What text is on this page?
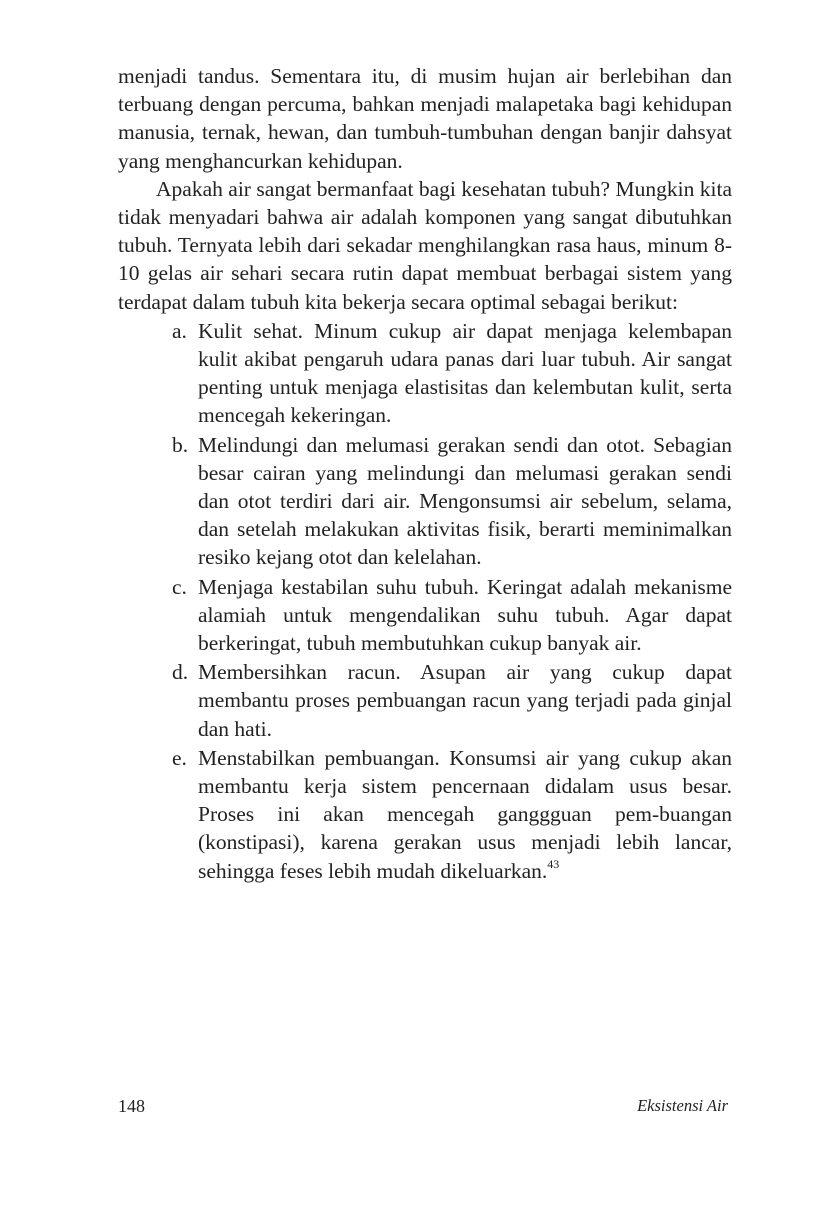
menjadi tandus. Sementara itu, di musim hujan air berlebihan dan terbuang dengan percuma, bahkan menjadi malapetaka bagi kehidupan manusia, ternak, hewan, dan tumbuh-tumbuhan dengan banjir dahsyat yang menghancurkan kehidupan.

Apakah air sangat bermanfaat bagi kesehatan tubuh? Mungkin kita tidak menyadari bahwa air adalah komponen yang sangat dibutuhkan tubuh. Ternyata lebih dari sekadar menghilangkan rasa haus, minum 8-10 gelas air sehari secara rutin dapat membuat berbagai sistem yang terdapat dalam tubuh kita bekerja secara optimal sebagai berikut:

a. Kulit sehat. Minum cukup air dapat menjaga kelembapan kulit akibat pengaruh udara panas dari luar tubuh. Air sangat penting untuk menjaga elastisitas dan kelembutan kulit, serta mencegah kekeringan.
b. Melindungi dan melumasi gerakan sendi dan otot. Sebagian besar cairan yang melindungi dan melumasi gerakan sendi dan otot terdiri dari air. Mengonsumsi air sebelum, selama, dan setelah melakukan aktivitas fisik, berarti meminimalkan resiko kejang otot dan kelelahan.
c. Menjaga kestabilan suhu tubuh. Keringat adalah mekanisme alamiah untuk mengendalikan suhu tubuh. Agar dapat berkeringat, tubuh membutuhkan cukup banyak air.
d. Membersihkan racun. Asupan air yang cukup dapat membantu proses pembuangan racun yang terjadi pada ginjal dan hati.
e. Menstabilkan pembuangan. Konsumsi air yang cukup akan membantu kerja sistem pencernaan didalam usus besar. Proses ini akan mencegah ganggguan pem-buangan (konstipasi), karena gerakan usus menjadi lebih lancar, sehingga feses lebih mudah dikeluarkan.$^{43}$
148	Eksistensi Air
